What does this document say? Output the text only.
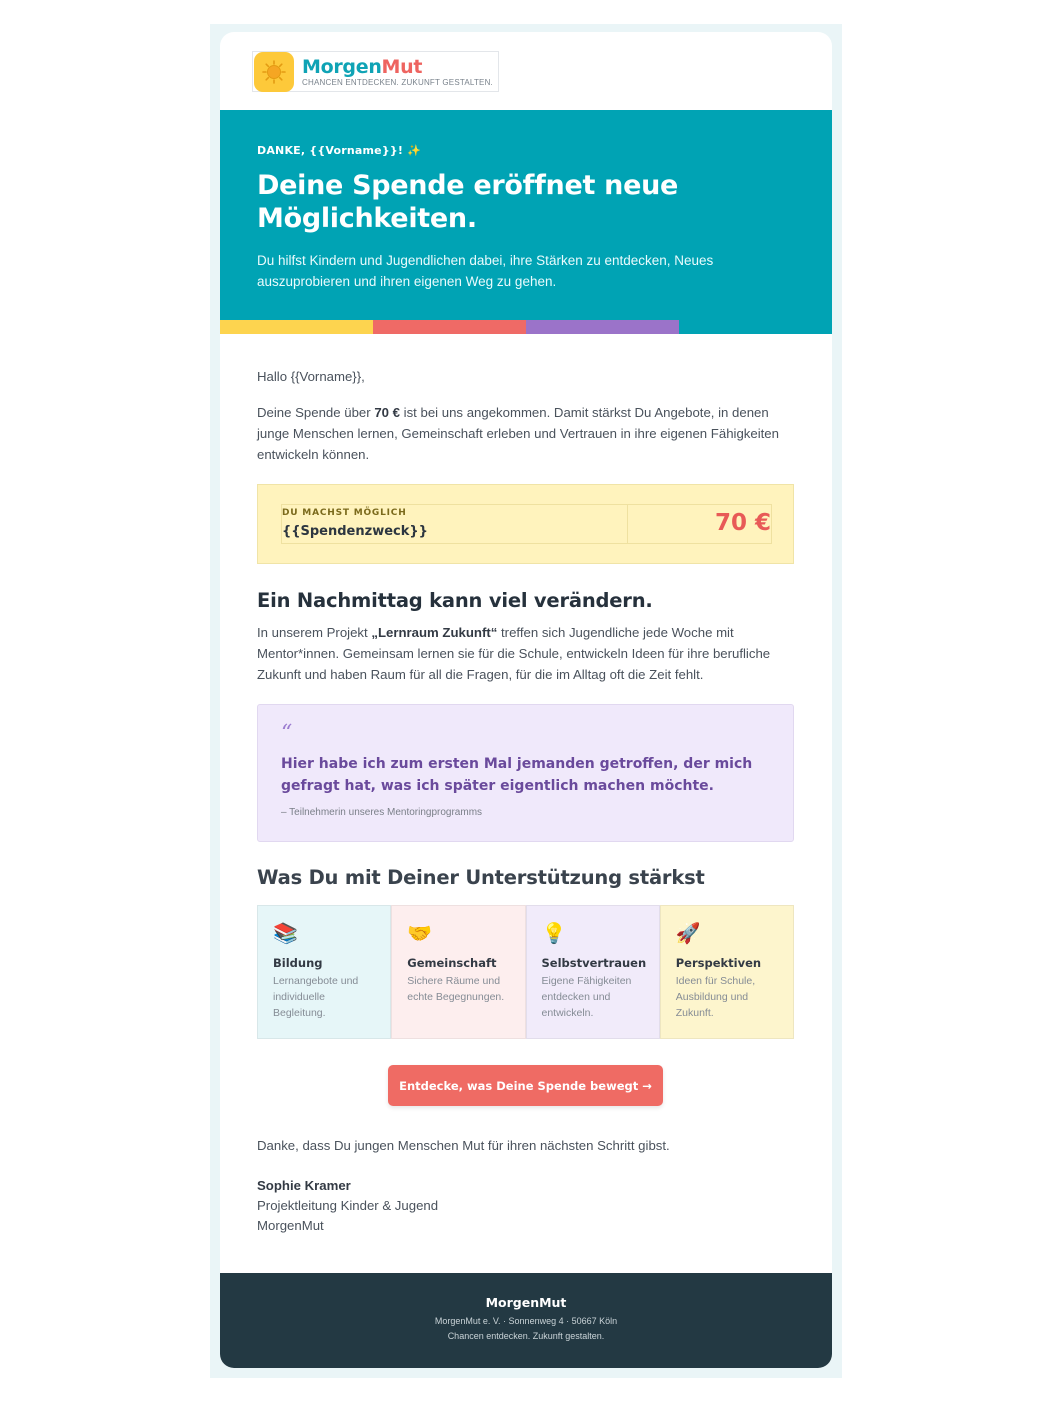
MorgenMut
CHANCEN ENTDECKEN. ZUKUNFT GESTALTEN.
DANKE, {{Vorname}}! ✨
Deine Spende eröffnet neue Möglichkeiten.
Du hilfst Kindern und Jugendlichen dabei, ihre Stärken zu entdecken, Neues auszuprobieren und ihren eigenen Weg zu gehen.

Hallo {{Vorname}},

Deine Spende über 70 € ist bei uns angekommen. Damit stärkst Du Angebote, in denen junge Menschen lernen, Gemeinschaft erleben und Vertrauen in ihre eigenen Fähigkeiten entwickeln können.

DU MACHST MÖGLICH
{{Spendenzweck}}	70 €
Ein Nachmittag kann viel verändern.

In unserem Projekt „Lernraum Zukunft“ treffen sich Jugendliche jede Woche mit Mentor*innen. Gemeinsam lernen sie für die Schule, entwickeln Ideen für ihre berufliche Zukunft und haben Raum für all die Fragen, für die im Alltag oft die Zeit fehlt.

“
Hier habe ich zum ersten Mal jemanden getroffen, der mich gefragt hat, was ich später eigentlich machen möchte.
– Teilnehmerin unseres Mentoringprogramms
Was Du mit Deiner Unterstützung stärkst
📚
Bildung
Lernangebote und individuelle Begleitung.
🤝
Gemeinschaft
Sichere Räume und echte Begegnungen.
💡
Selbstvertrauen
Eigene Fähigkeiten entdecken und entwickeln.
🚀
Perspektiven
Ideen für Schule, Ausbildung und Zukunft.
Entdecke, was Deine Spende bewegt →

Danke, dass Du jungen Menschen Mut für ihren nächsten Schritt gibst.

Sophie Kramer
Projektleitung Kinder & Jugend
MorgenMut
MorgenMut
MorgenMut e. V. · Sonnenweg 4 · 50667 Köln
Chancen entdecken. Zukunft gestalten.
